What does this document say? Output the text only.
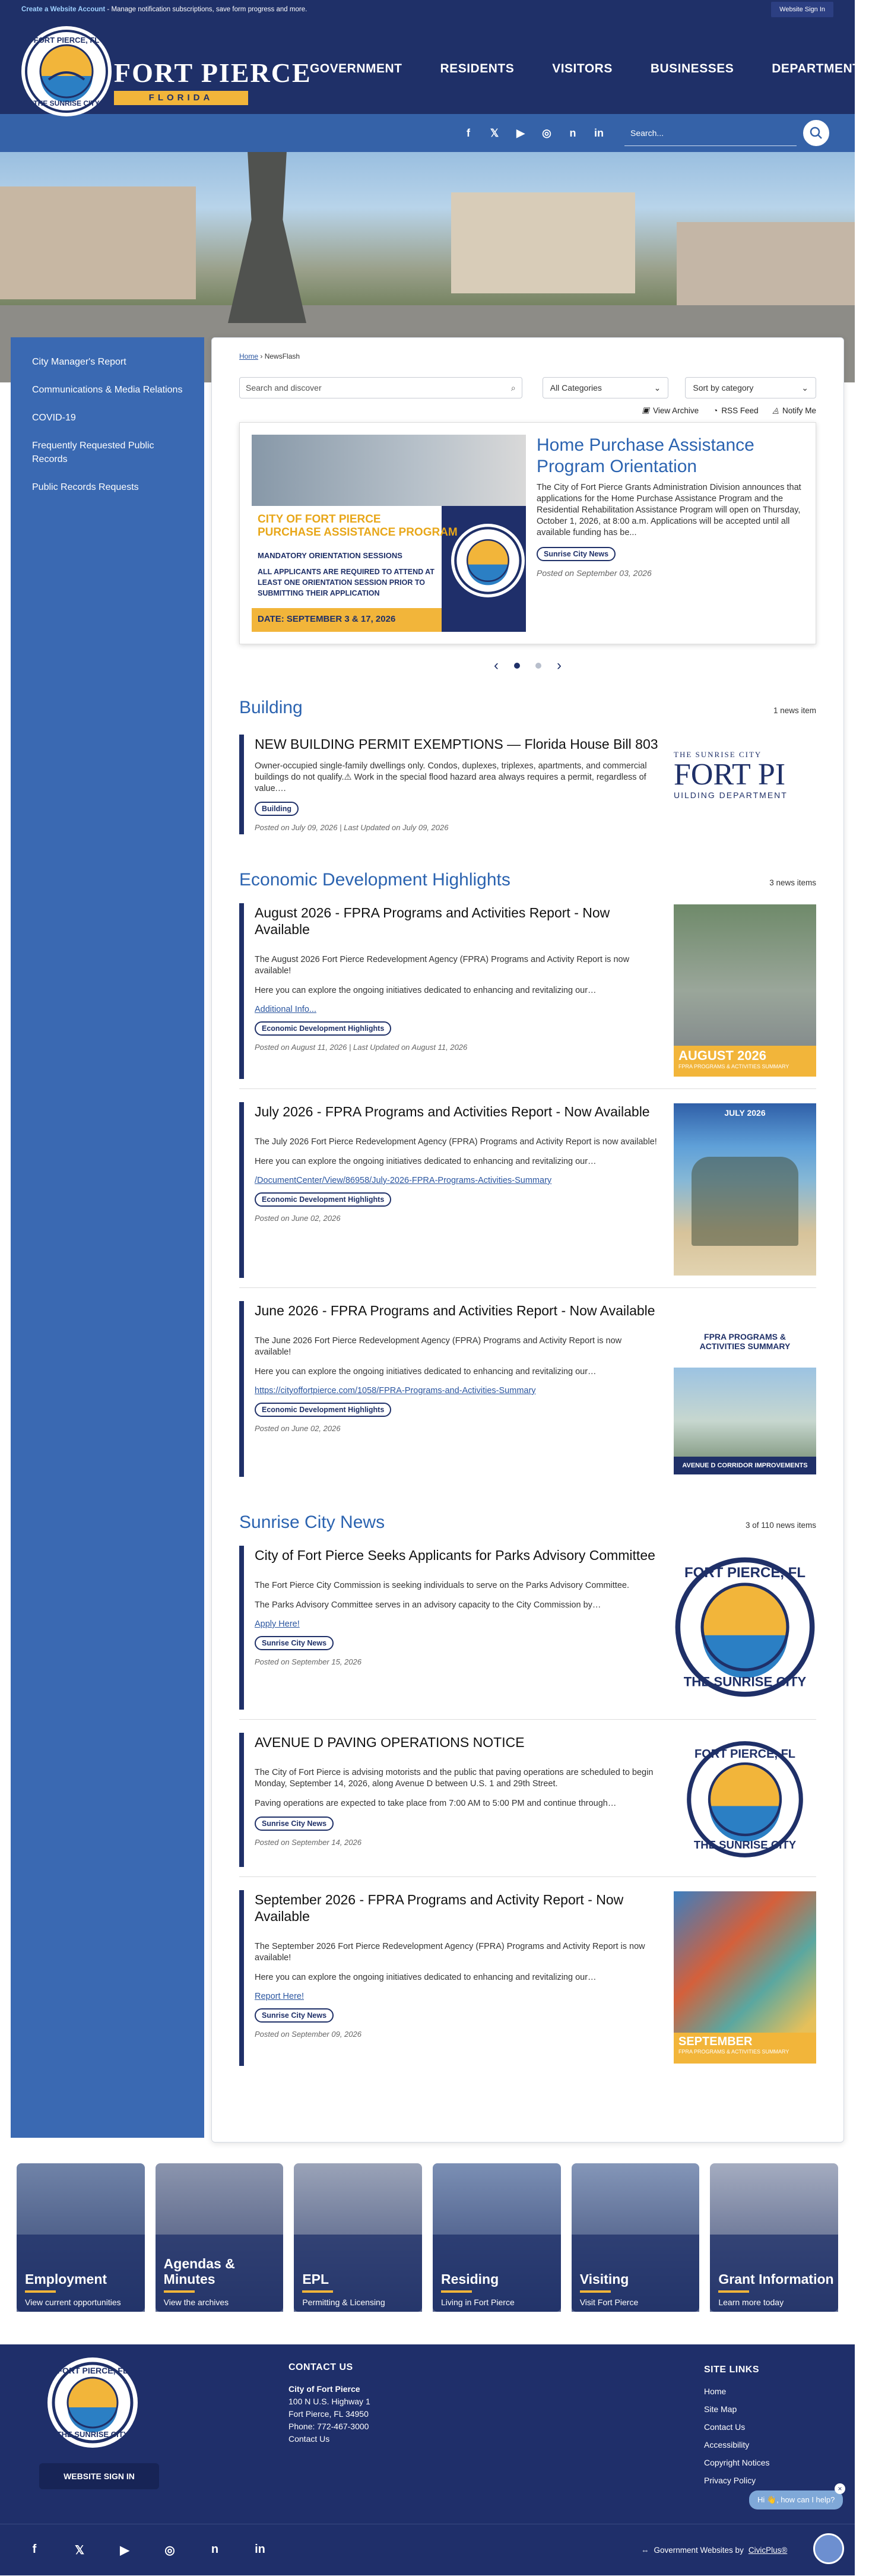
Create a Website Account - Manage notification subscriptions, save form progress and more.	Website Sign In
FORT PIERCE, FL
THE SUNRISE CITY
FORT PIERCE
FLORIDA
GOVERNMENT	RESIDENTS	VISITORS	BUSINESSES	DEPARTMENTS
f	𝕏	▶	◎	n	in
Search...
City Manager's Report
Communications & Media Relations
COVID-19
Frequently Requested Public Records
Public Records Requests
Home › NewsFlash
Search and discover	⌕	All Categories	⌄	Sort by category	⌄
▣ View Archive ◔ RSS Feed ◬ Notify Me
CITY OF FORT PIERCE
PURCHASE ASSISTANCE PROGRAM
MANDATORY ORIENTATION SESSIONS
ALL APPLICANTS ARE REQUIRED TO ATTEND AT LEAST ONE ORIENTATION SESSION PRIOR TO SUBMITTING THEIR APPLICATION
DATE: SEPTEMBER 3 & 17, 2026
Home Purchase Assistance Program Orientation

The City of Fort Pierce Grants Administration Division announces that applications for the Home Purchase Assistance Program and the Residential Rehabilitation Assistance Program will open on Thursday, October 1, 2026, at 8:00 a.m. Applications will be accepted until all available funding has be...

Sunrise City News
Posted on September 03, 2026
‹	›
Building	1 news item
NEW BUILDING PERMIT EXEMPTIONS — Florida House Bill 803

Owner-occupied single-family dwellings only. Condos, duplexes, triplexes, apartments, and commercial buildings do not qualify.⚠ Work in the special flood hazard area always requires a permit, regardless of value.…

Building
Posted on July 09, 2026 | Last Updated on July 09, 2026
THE SUNRISE CITY
FORT PI
UILDING DEPARTMENT
Economic Development Highlights	3 news items
August 2026 - FPRA Programs and Activities Report - Now Available

The August 2026 Fort Pierce Redevelopment Agency (FPRA) Programs and Activity Report is now available!

Here you can explore the ongoing initiatives dedicated to enhancing and revitalizing our…

Additional Info...
Economic Development Highlights
Posted on August 11, 2026 | Last Updated on August 11, 2026
AUGUST 2026
FPRA PROGRAMS & ACTIVITIES SUMMARY
July 2026 - FPRA Programs and Activities Report - Now Available

The July 2026 Fort Pierce Redevelopment Agency (FPRA) Programs and Activity Report is now available!

Here you can explore the ongoing initiatives dedicated to enhancing and revitalizing our…

/DocumentCenter/View/86958/July-2026-FPRA-Programs-Activities-Summary
Economic Development Highlights
Posted on June 02, 2026
JULY 2026
June 2026 - FPRA Programs and Activities Report - Now Available

The June 2026 Fort Pierce Redevelopment Agency (FPRA) Programs and Activity Report is now available!

Here you can explore the ongoing initiatives dedicated to enhancing and revitalizing our…

https://cityoffortpierce.com/1058/FPRA-Programs-and-Activities-Summary
Economic Development Highlights
Posted on June 02, 2026
FPRA PROGRAMS & ACTIVITIES SUMMARY
AVENUE D CORRIDOR IMPROVEMENTS
Sunrise City News	3 of 110 news items
City of Fort Pierce Seeks Applicants for Parks Advisory Committee

The Fort Pierce City Commission is seeking individuals to serve on the Parks Advisory Committee.

The Parks Advisory Committee serves in an advisory capacity to the City Commission by…

Apply Here!
Sunrise City News
Posted on September 15, 2026
FORT PIERCE, FL
THE SUNRISE CITY
AVENUE D PAVING OPERATIONS NOTICE

The City of Fort Pierce is advising motorists and the public that paving operations are scheduled to begin Monday, September 14, 2026, along Avenue D between U.S. 1 and 29th Street.

Paving operations are expected to take place from 7:00 AM to 5:00 PM and continue through…

Sunrise City News
Posted on September 14, 2026
FORT PIERCE, FL
THE SUNRISE CITY
September 2026 - FPRA Programs and Activity Report - Now Available

The September 2026 Fort Pierce Redevelopment Agency (FPRA) Programs and Activity Report is now available!

Here you can explore the ongoing initiatives dedicated to enhancing and revitalizing our…

Report Here!
Sunrise City News
Posted on September 09, 2026
SEPTEMBER
FPRA PROGRAMS & ACTIVITIES SUMMARY
Employment
View current opportunities
Agendas & Minutes
View the archives
EPL
Permitting & Licensing
Residing
Living in Fort Pierce
Visiting
Visit Fort Pierce
Grant Information
Learn more today
FORT PIERCE, FL
THE SUNRISE CITY
WEBSITE SIGN IN
CONTACT US
City of Fort Pierce
100 N U.S. Highway 1
Fort Pierce, FL 34950
Phone: 772-467-3000
Contact Us
SITE LINKS
Home
Site Map
Contact Us
Accessibility
Copyright Notices
Privacy Policy
Hi 👋, how can I help?
×
f	𝕏	▶	◎	n	in	⇔ Government Websites by CivicPlus®
